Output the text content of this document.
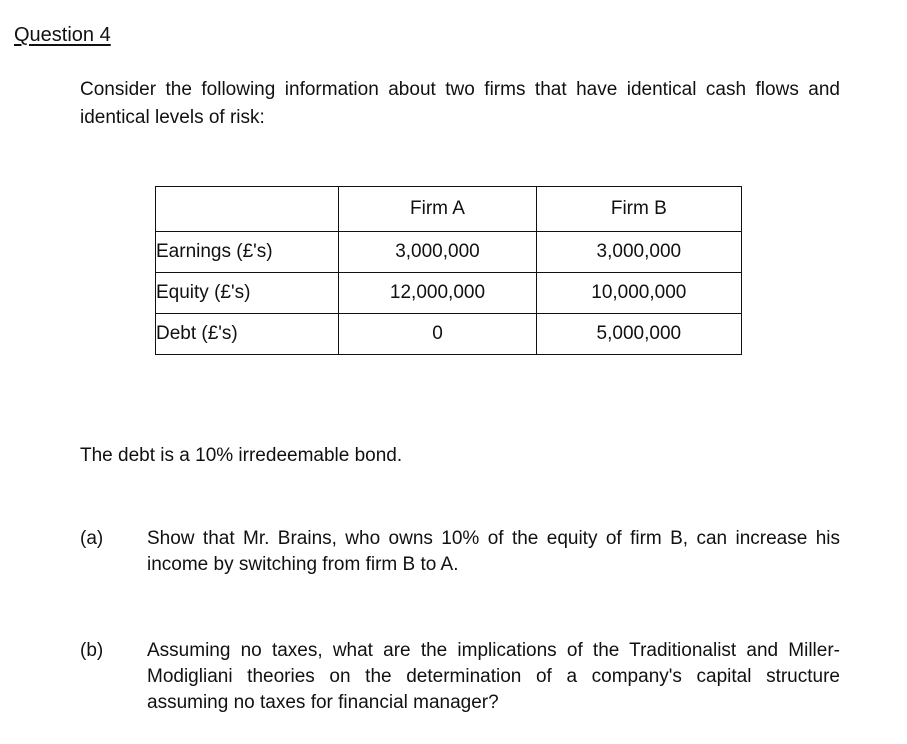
Question 4

Consider the following information about two firms that have identical cash flows and identical levels of risk:

	Firm A	Firm B
Earnings (£'s)	3,000,000	3,000,000
Equity (£'s)	12,000,000	10,000,000
Debt (£'s)	0	5,000,000

The debt is a 10% irredeemable bond.

(a) Show that Mr. Brains, who owns 10% of the equity of firm B, can increase his income by switching from firm B to A.
(b) Assuming no taxes, what are the implications of the Traditionalist and Miller-Modigliani theories on the determination of a company's capital structure assuming no taxes for financial manager?
